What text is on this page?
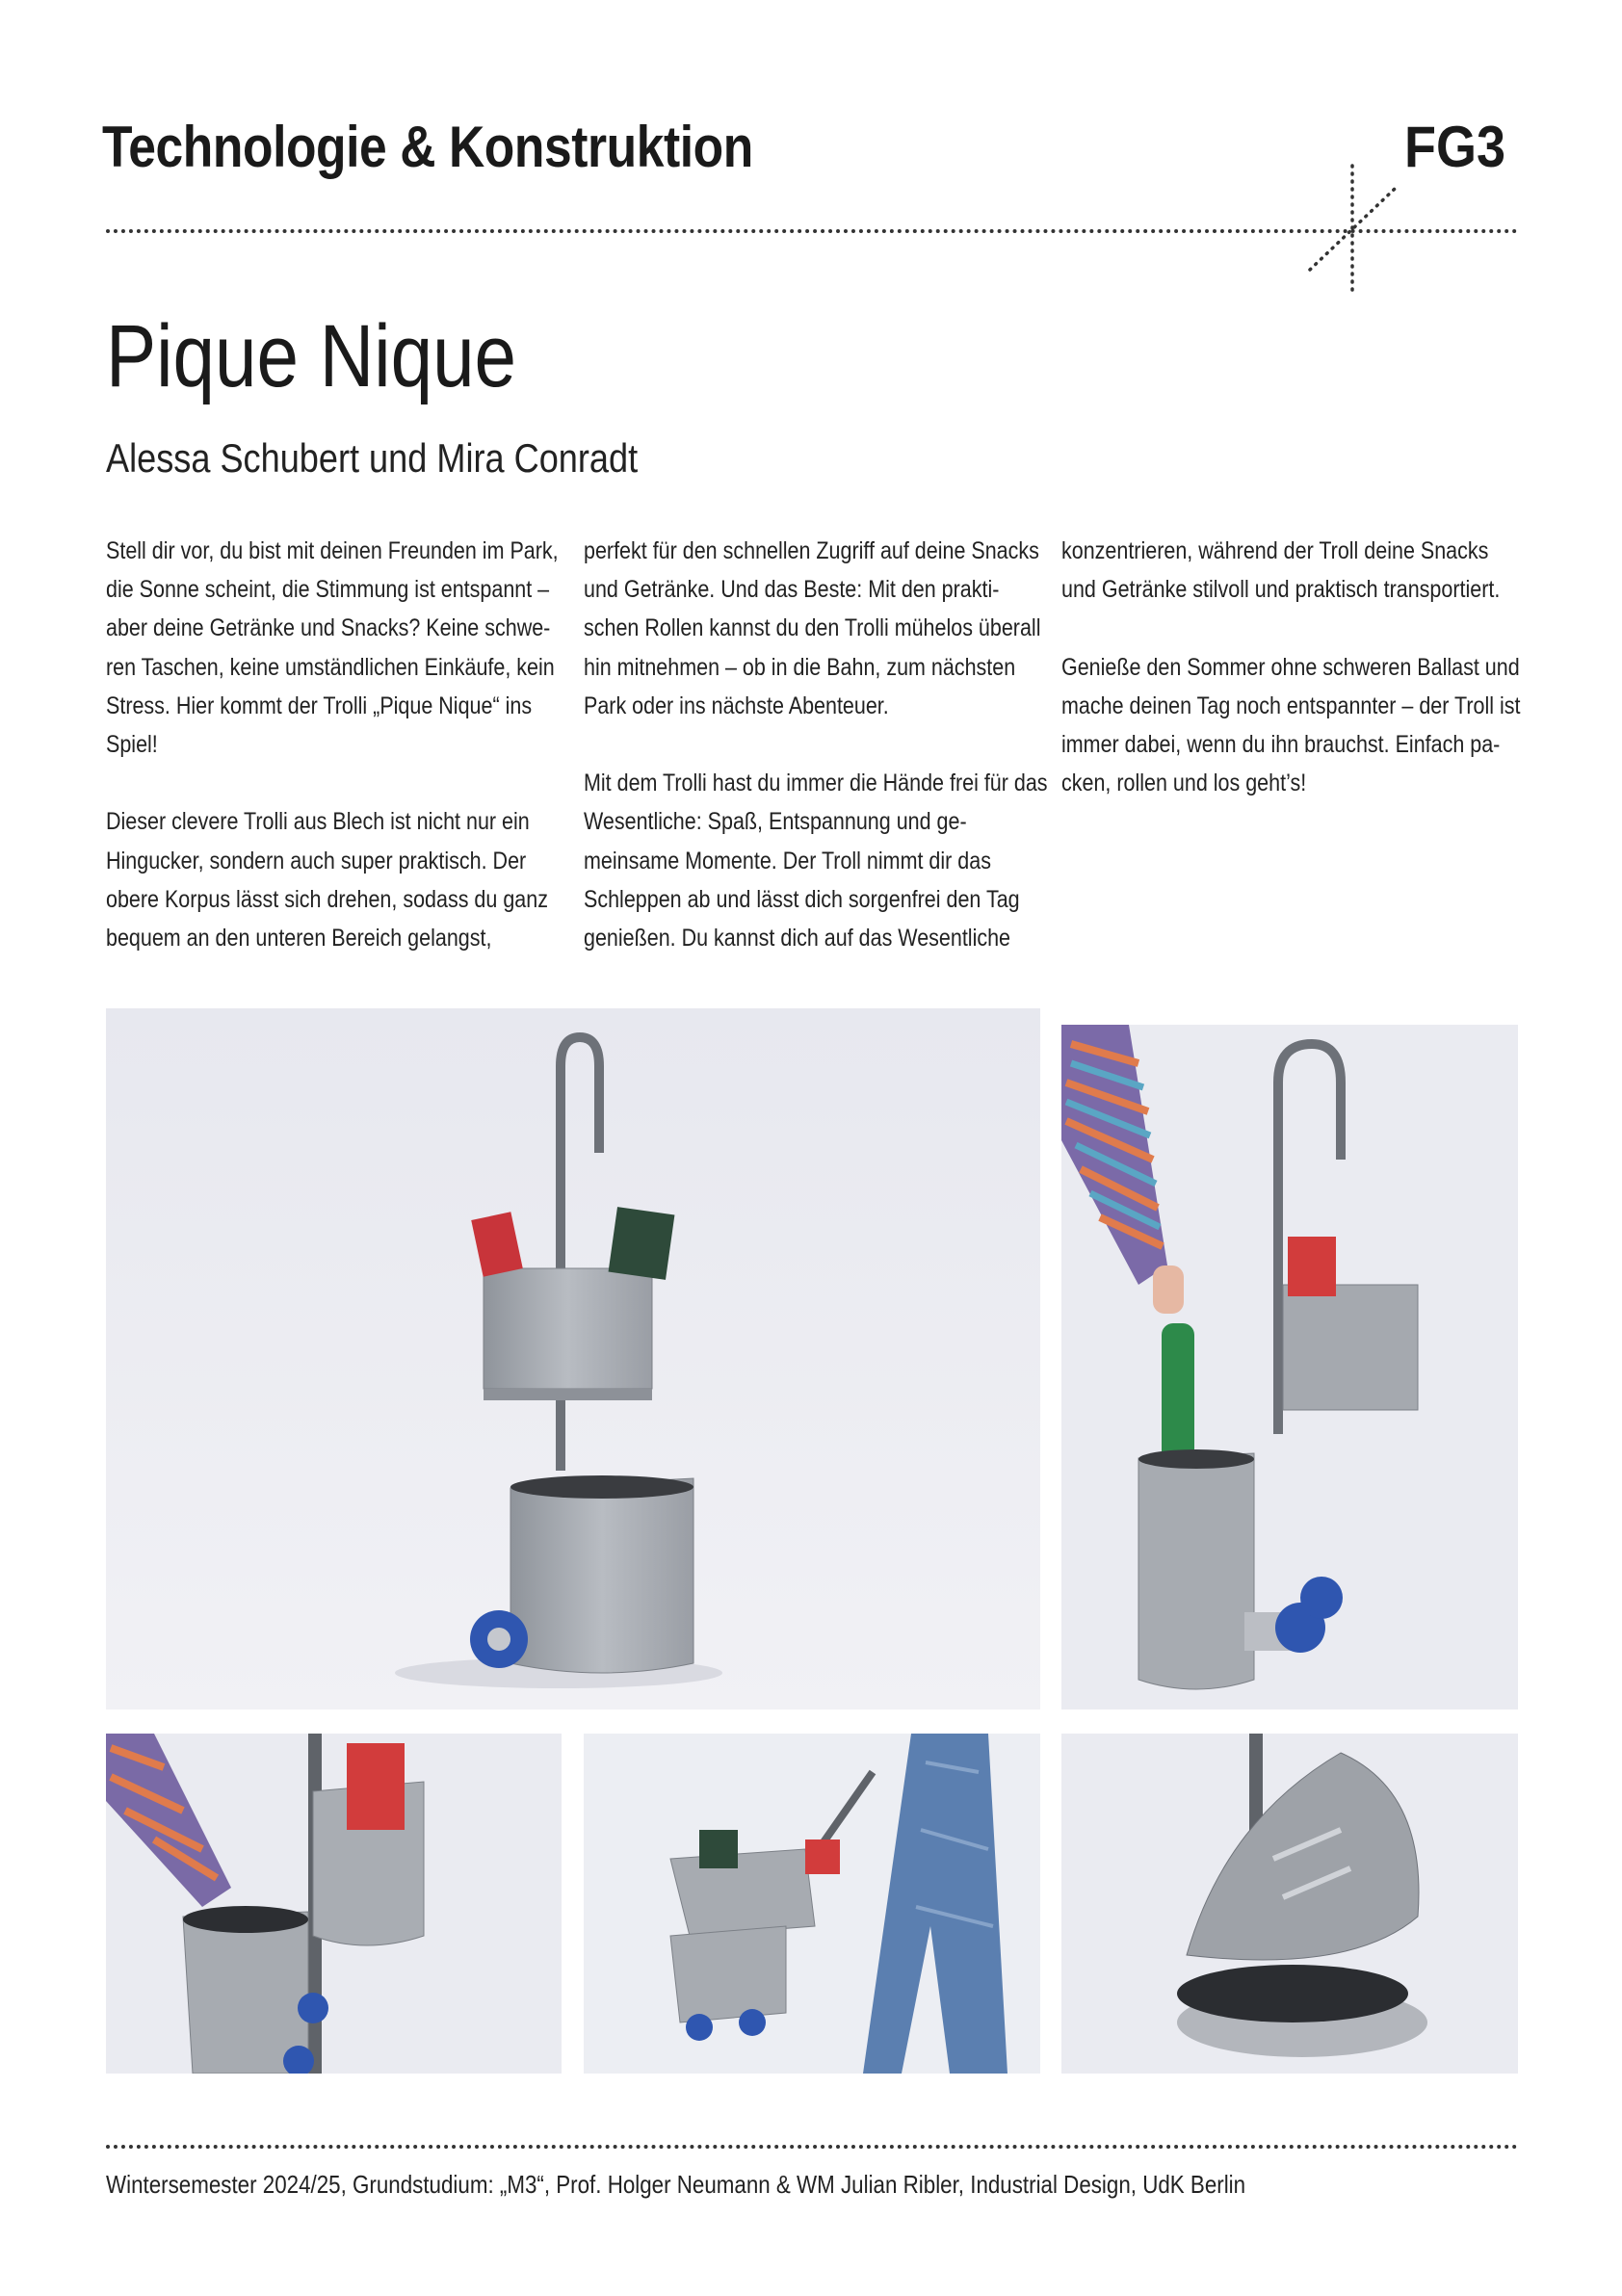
Technologie & Konstruktion	FG3
Pique Nique
Alessa Schubert und Mira Conradt

Stell dir vor, du bist mit deinen Freunden im Park, die Sonne scheint, die Stimmung ist entspannt – aber deine Getränke und Snacks? Keine schwe-ren Taschen, keine umständlichen Einkäufe, kein Stress. Hier kommt der Trolli „Pique Nique“ ins Spiel!

Dieser clevere Trolli aus Blech ist nicht nur ein Hingucker, sondern auch super praktisch. Der obere Korpus lässt sich drehen, sodass du ganz bequem an den unteren Bereich gelangst,

perfekt für den schnellen Zugriff auf deine Snacks und Getränke. Und das Beste: Mit den prakti-schen Rollen kannst du den Trolli mühelos überall hin mitnehmen – ob in die Bahn, zum nächsten Park oder ins nächste Abenteuer.

Mit dem Trolli hast du immer die Hände frei für das Wesentliche: Spaß, Entspannung und ge-meinsame Momente. Der Troll nimmt dir das Schleppen ab und lässt dich sorgenfrei den Tag genießen. Du kannst dich auf das Wesentliche

konzentrieren, während der Troll deine Snacks und Getränke stilvoll und praktisch transportiert.

Genieße den Sommer ohne schweren Ballast und mache deinen Tag noch entspannter – der Troll ist immer dabei, wenn du ihn brauchst. Einfach pa-cken, rollen und los geht’s!

Wintersemester 2024/25, Grundstudium: „M3“, Prof. Holger Neumann & WM Julian Ribler, Industrial Design, UdK Berlin
